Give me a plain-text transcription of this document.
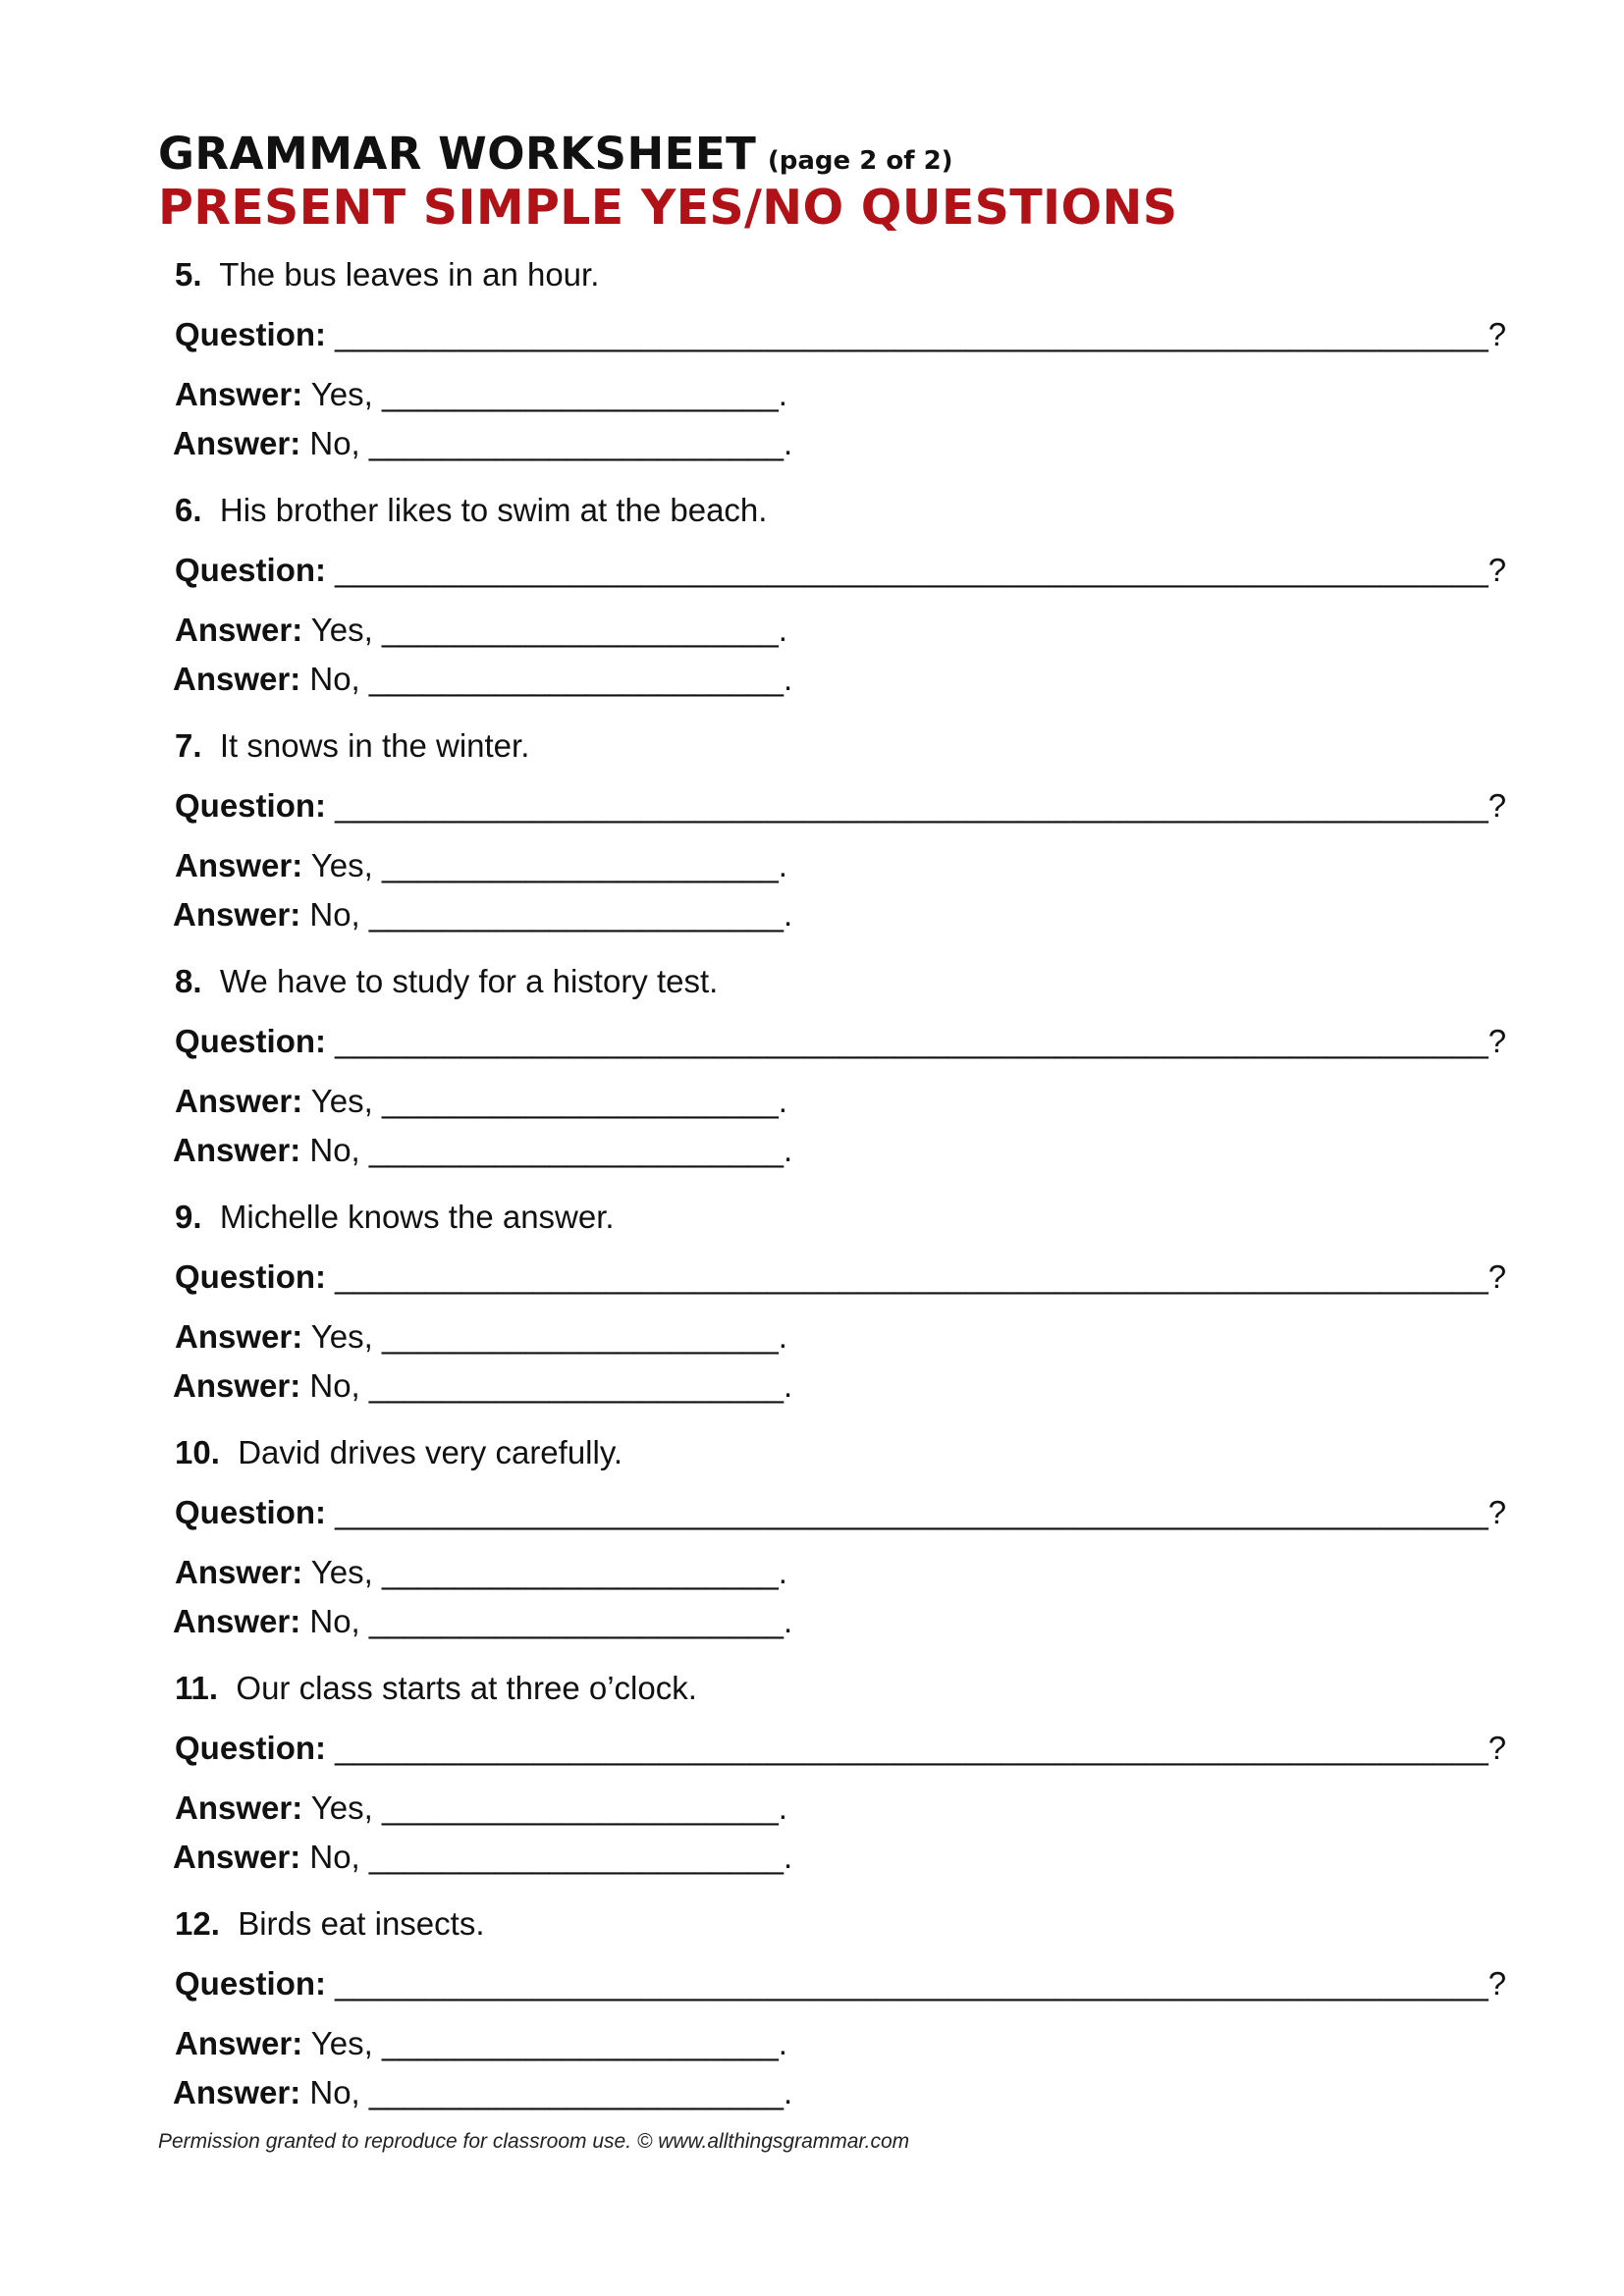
GRAMMAR WORKSHEET (page 2 of 2)
PRESENT SIMPLE YES/NO QUESTIONS
5. The bus leaves in an hour.
Question: ________________________________________________________________?
Answer: Yes, ______________________.
Answer: No, _______________________.
6. His brother likes to swim at the beach.
Question: ________________________________________________________________?
Answer: Yes, ______________________.
Answer: No, _______________________.
7. It snows in the winter.
Question: ________________________________________________________________?
Answer: Yes, ______________________.
Answer: No, _______________________.
8. We have to study for a history test.
Question: ________________________________________________________________?
Answer: Yes, ______________________.
Answer: No, _______________________.
9. Michelle knows the answer.
Question: ________________________________________________________________?
Answer: Yes, ______________________.
Answer: No, _______________________.
10. David drives very carefully.
Question: ________________________________________________________________?
Answer: Yes, ______________________.
Answer: No, _______________________.
11. Our class starts at three o’clock.
Question: ________________________________________________________________?
Answer: Yes, ______________________.
Answer: No, _______________________.
12. Birds eat insects.
Question: ________________________________________________________________?
Answer: Yes, ______________________.
Answer: No, _______________________.
Permission granted to reproduce for classroom use. © www.allthingsgrammar.com
